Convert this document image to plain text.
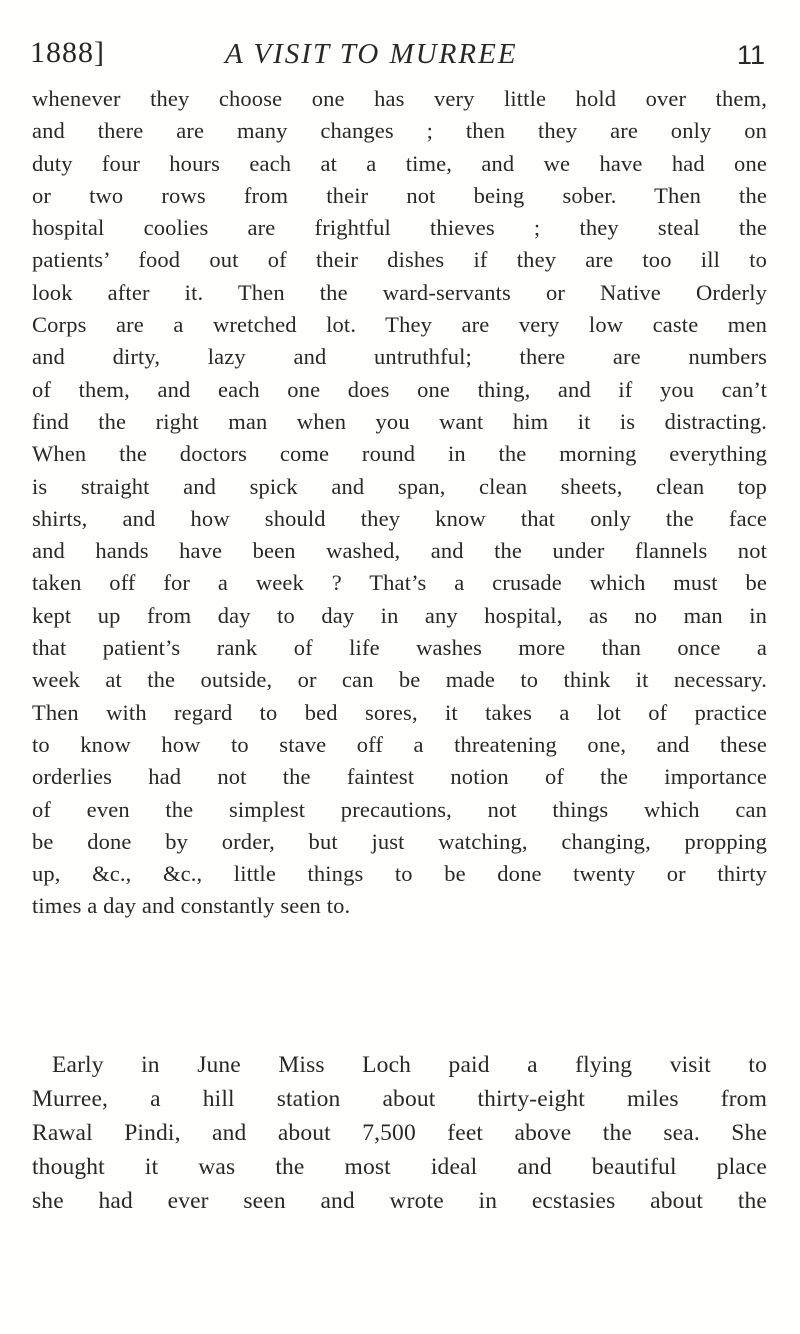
1888]	A VISIT TO MURREE	11
whenever they choose one has very little hold over them,
and there are many changes ; then they are only on
duty four hours each at a time, and we have had one
or two rows from their not being sober. Then the
hospital coolies are frightful thieves ; they steal the
patients’ food out of their dishes if they are too ill to
look after it. Then the ward-servants or Native Orderly
Corps are a wretched lot. They are very low caste men
and dirty, lazy and untruthful; there are numbers
of them, and each one does one thing, and if you can’t
find the right man when you want him it is distracting.
When the doctors come round in the morning everything
is straight and spick and span, clean sheets, clean top
shirts, and how should they know that only the face
and hands have been washed, and the under flannels not
taken off for a week ? That’s a crusade which must be
kept up from day to day in any hospital, as no man in
that patient’s rank of life washes more than once a
week at the outside, or can be made to think it necessary.
Then with regard to bed sores, it takes a lot of practice
to know how to stave off a threatening one, and these
orderlies had not the faintest notion of the importance
of even the simplest precautions, not things which can
be done by order, but just watching, changing, propping
up, &c., &c., little things to be done twenty or thirty
times a day and constantly seen to.
Early in June Miss Loch paid a flying visit to
Murree, a hill station about thirty-eight miles from
Rawal Pindi, and about 7,500 feet above the sea. She
thought it was the most ideal and beautiful place
she had ever seen and wrote in ecstasies about the
